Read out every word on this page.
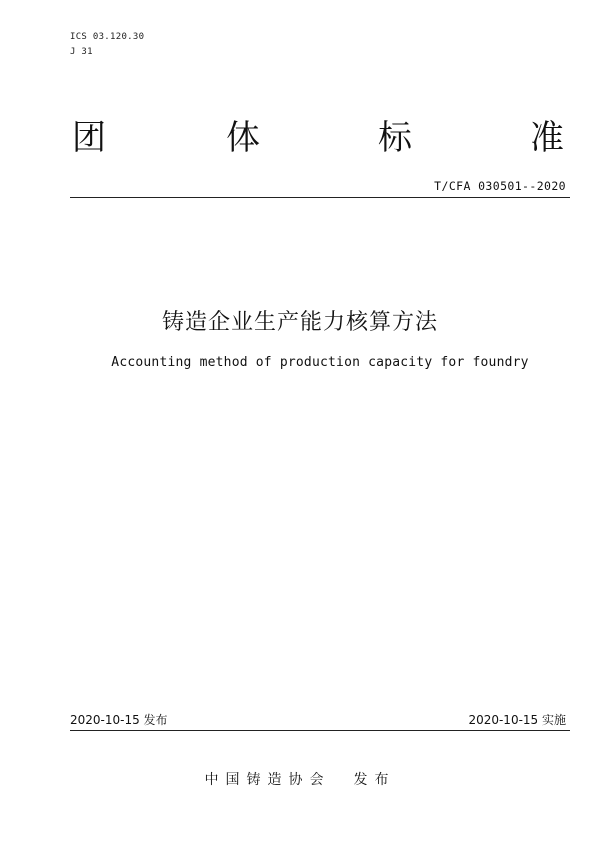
ICS 03.120.30
J 31
团	体	标	准
T/CFA 030501--2020
铸造企业生产能力核算方法
Accounting method of production capacity for foundry
2020-10-15 发布	2020-10-15 实施
中国铸造协会  发布
